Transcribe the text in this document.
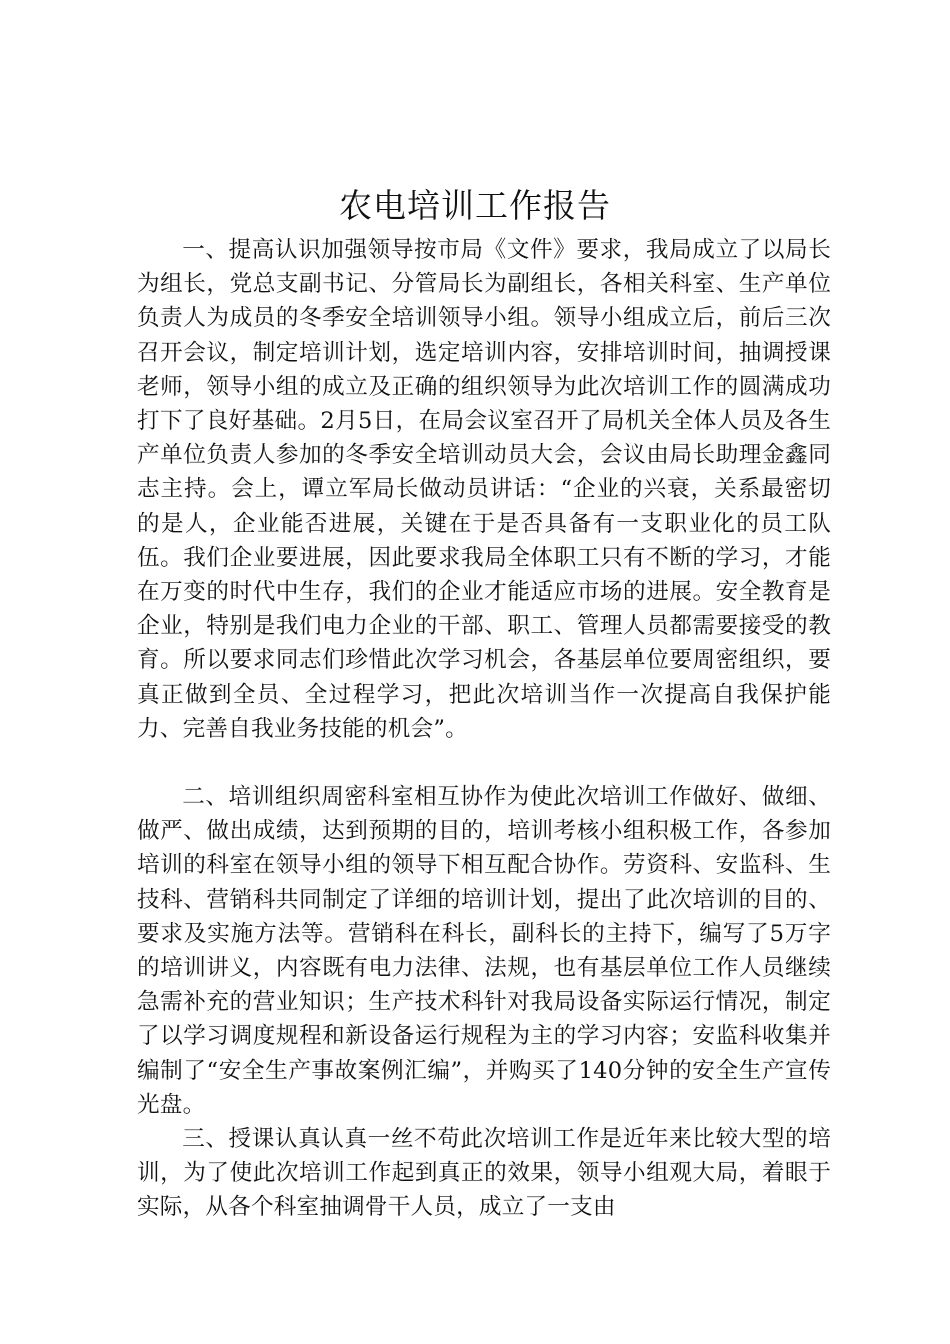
农电培训工作报告

一、提高认识加强领导按市局《文件》要求，我局成立了以局长为组长，党总支副书记、分管局长为副组长，各相关科室、生产单位负责人为成员的冬季安全培训领导小组。领导小组成立后，前后三次召开会议，制定培训计划，选定培训内容，安排培训时间，抽调授课老师，领导小组的成立及正确的组织领导为此次培训工作的圆满成功打下了良好基础。2月5日，在局会议室召开了局机关全体人员及各生产单位负责人参加的冬季安全培训动员大会，会议由局长助理金鑫同志主持。会上，谭立军局长做动员讲话：“企业的兴衰，关系最密切的是人，企业能否进展，关键在于是否具备有一支职业化的员工队伍。我们企业要进展，因此要求我局全体职工只有不断的学习，才能在万变的时代中生存，我们的企业才能适应市场的进展。安全教育是企业，特别是我们电力企业的干部、职工、管理人员都需要接受的教育。所以要求同志们珍惜此次学习机会，各基层单位要周密组织，要真正做到全员、全过程学习，把此次培训当作一次提高自我保护能力、完善自我业务技能的机会”。

二、培训组织周密科室相互协作为使此次培训工作做好、做细、做严、做出成绩，达到预期的目的，培训考核小组积极工作，各参加培训的科室在领导小组的领导下相互配合协作。劳资科、安监科、生技科、营销科共同制定了详细的培训计划，提出了此次培训的目的、要求及实施方法等。营销科在科长，副科长的主持下，编写了5万字的培训讲义，内容既有电力法律、法规，也有基层单位工作人员继续急需补充的营业知识；生产技术科针对我局设备实际运行情况，制定了以学习调度规程和新设备运行规程为主的学习内容；安监科收集并编制了“安全生产事故案例汇编”，并购买了140分钟的安全生产宣传光盘。

三、授课认真认真一丝不苟此次培训工作是近年来比较大型的培训，为了使此次培训工作起到真正的效果，领导小组观大局，着眼于实际，从各个科室抽调骨干人员，成立了一支由
